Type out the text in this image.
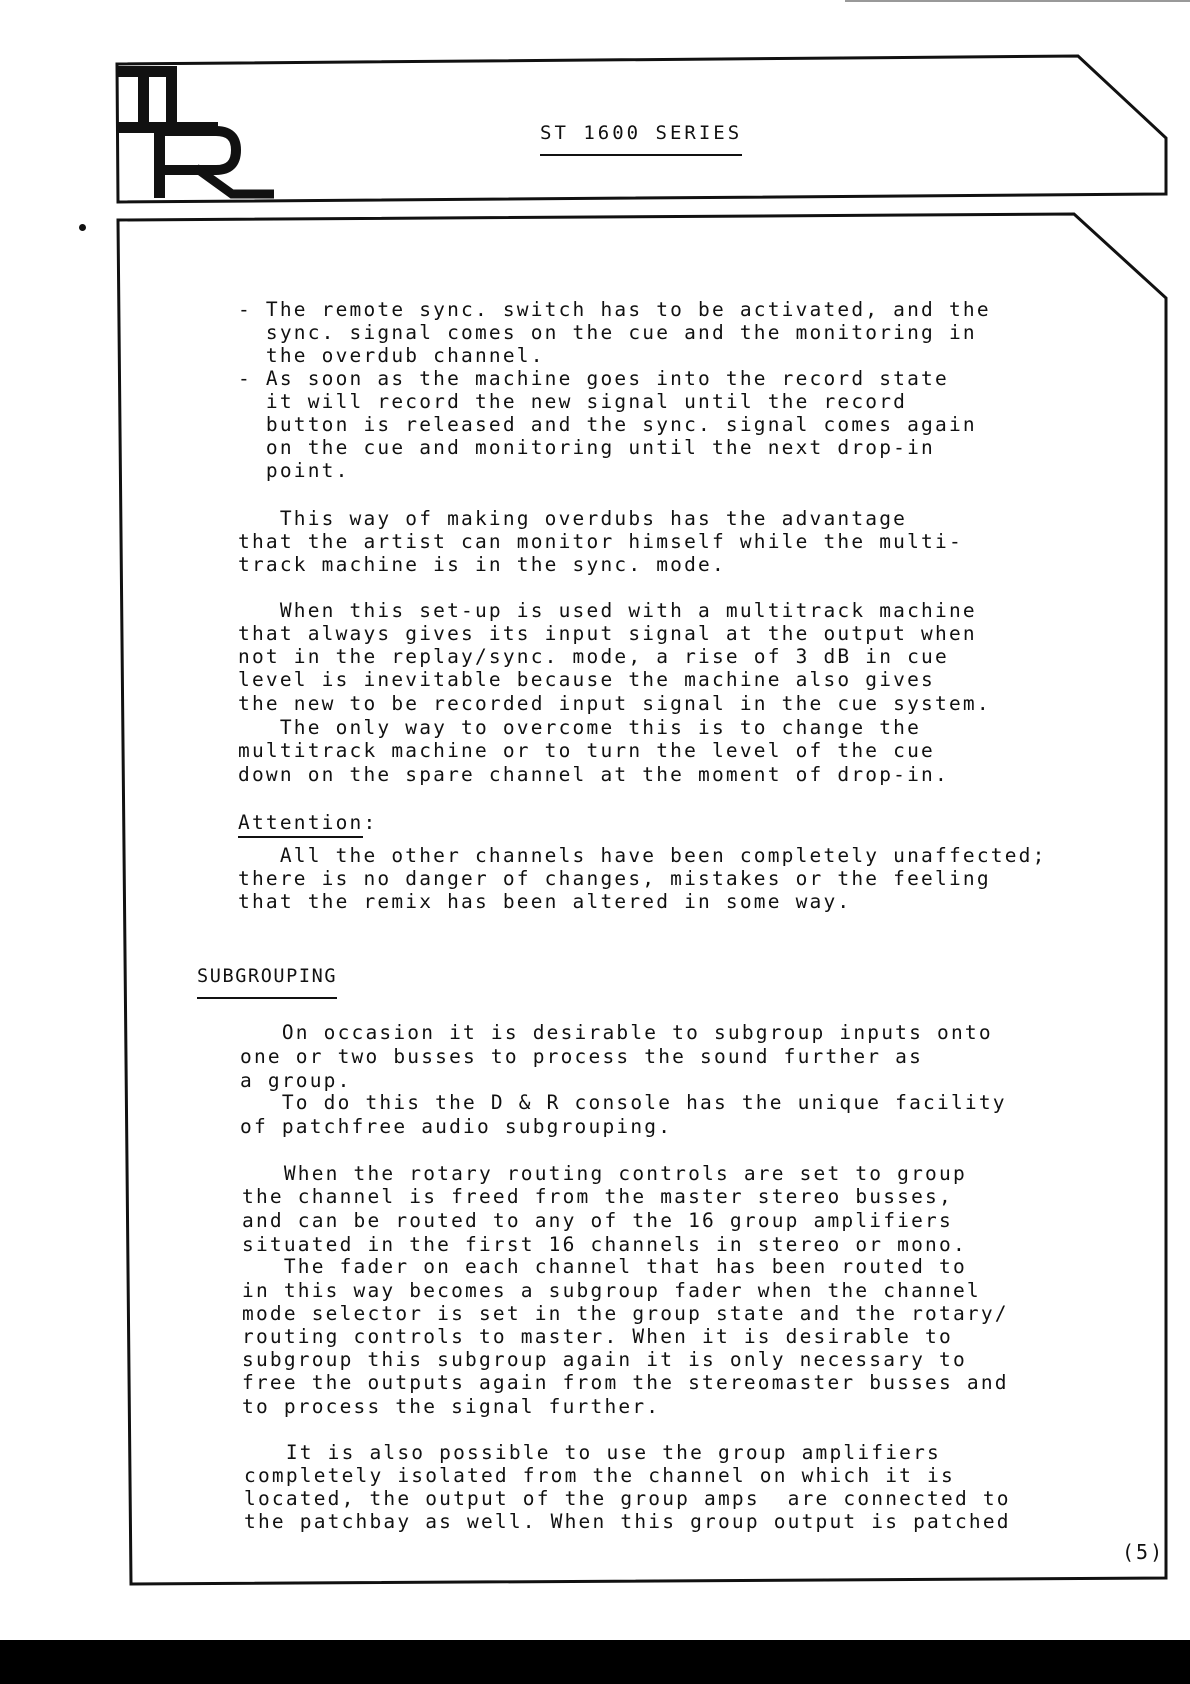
ST 1600 SERIES
- The remote sync. switch has to be activated, and the
sync. signal comes on the cue and the monitoring in
the overdub channel.
- As soon as the machine goes into the record state
it will record the new signal until the record
button is released and the sync. signal comes again
on the cue and monitoring until the next drop-in
point.
This way of making overdubs has the advantage
that the artist can monitor himself while the multi-
track machine is in the sync. mode.
When this set-up is used with a multitrack machine
that always gives its input signal at the output when
not in the replay/sync. mode, a rise of 3 dB in cue
level is inevitable because the machine also gives
the new to be recorded input signal in the cue system.
The only way to overcome this is to change the
multitrack machine or to turn the level of the cue
down on the spare channel at the moment of drop-in.
Attention:
All the other channels have been completely unaffected;
there is no danger of changes, mistakes or the feeling
that the remix has been altered in some way.
SUBGROUPING
On occasion it is desirable to subgroup inputs onto
one or two busses to process the sound further as
a group.
To do this the D & R console has the unique facility
of patchfree audio subgrouping.
When the rotary routing controls are set to group
the channel is freed from the master stereo busses,
and can be routed to any of the 16 group amplifiers
situated in the first 16 channels in stereo or mono.
The fader on each channel that has been routed to
in this way becomes a subgroup fader when the channel
mode selector is set in the group state and the rotary/
routing controls to master. When it is desirable to
subgroup this subgroup again it is only necessary to
free the outputs again from the stereomaster busses and
to process the signal further.
It is also possible to use the group amplifiers
completely isolated from the channel on which it is
located, the output of the group amps  are connected to
the patchbay as well. When this group output is patched
(5)
